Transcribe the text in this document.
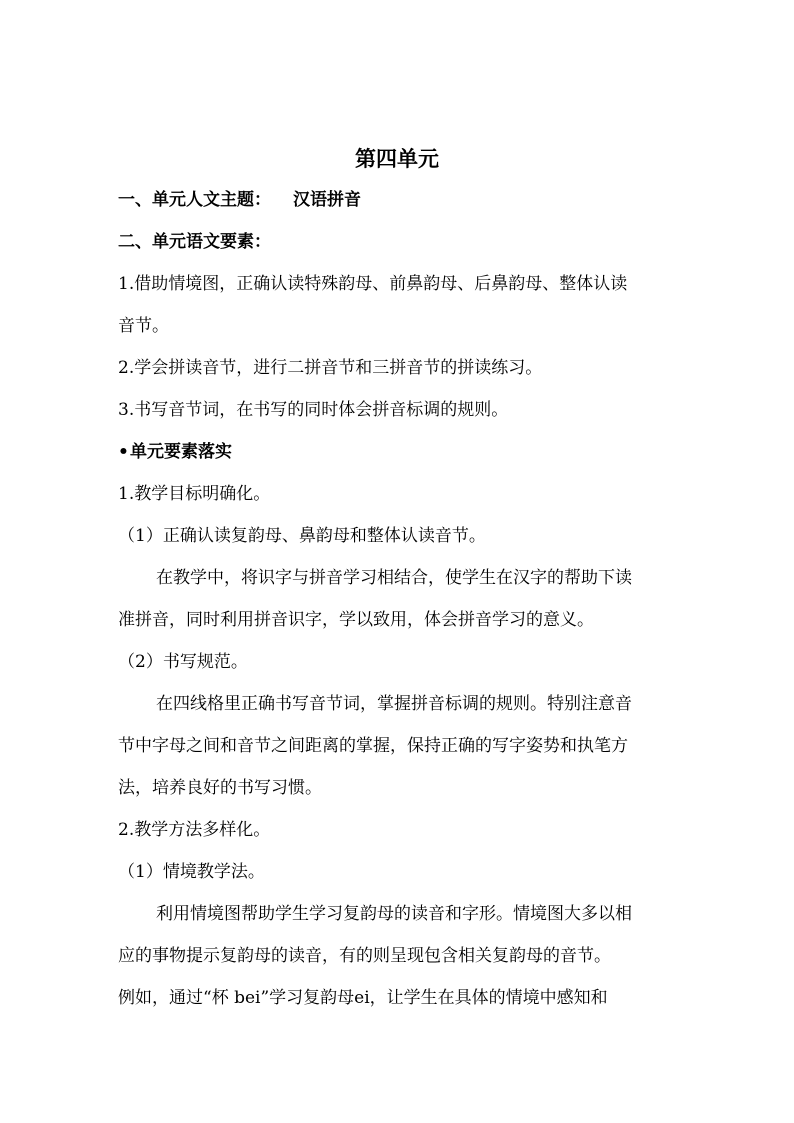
第四单元
一、单元人文主题： 汉语拼音
二、单元语文要素：
1.借助情境图，正确认读特殊韵母、前鼻韵母、后鼻韵母、整体认读
音节。
2.学会拼读音节，进行二拼音节和三拼音节的拼读练习。
3.书写音节词，在书写的同时体会拼音标调的规则。
•单元要素落实
1.教学目标明确化。
（1）正确认读复韵母、鼻韵母和整体认读音节。
在教学中，将识字与拼音学习相结合，使学生在汉字的帮助下读
准拼音，同时利用拼音识字，学以致用，体会拼音学习的意义。
（2）书写规范。
在四线格里正确书写音节词，掌握拼音标调的规则。特别注意音
节中字母之间和音节之间距离的掌握，保持正确的写字姿势和执笔方
法，培养良好的书写习惯。
2.教学方法多样化。
（1）情境教学法。
利用情境图帮助学生学习复韵母的读音和字形。情境图大多以相
应的事物提示复韵母的读音，有的则呈现包含相关复韵母的音节。
例如，通过“杯 bei”学习复韵母ei，让学生在具体的情境中感知和
